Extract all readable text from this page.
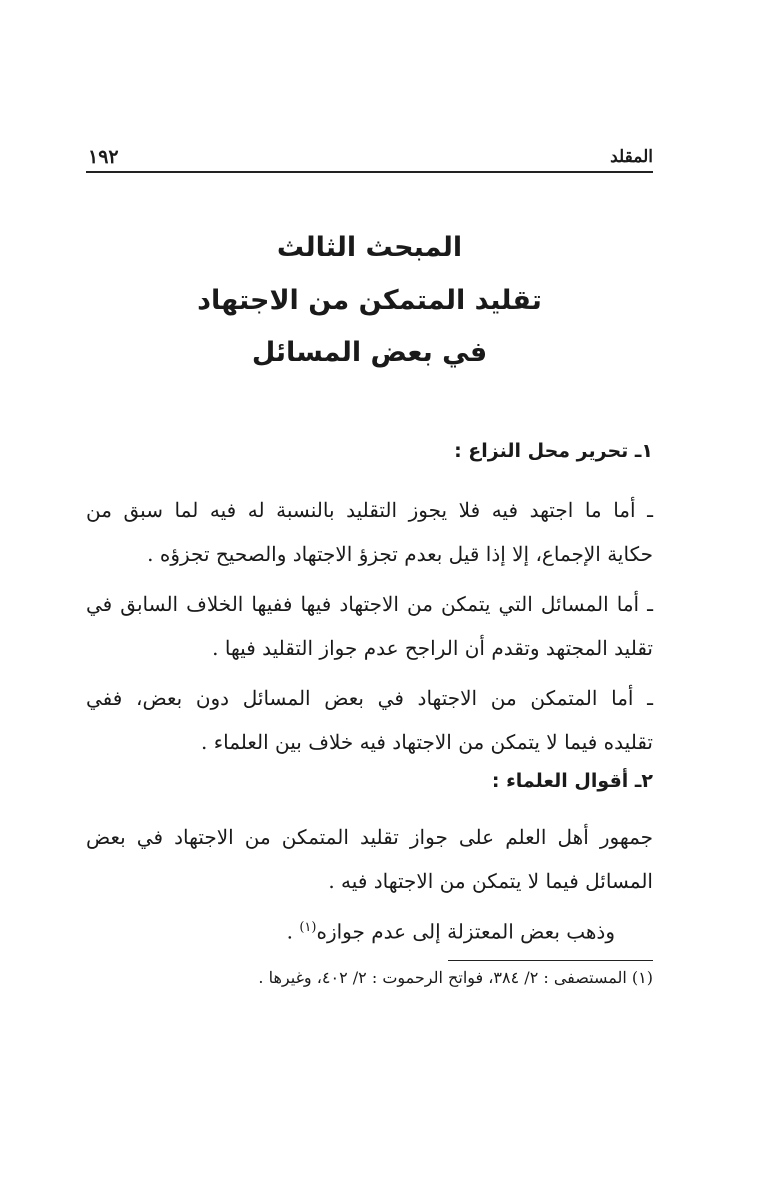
المقلد
١٩٢
المبحث الثالث
تقليد المتمكن من الاجتهاد
في بعض المسائل
١ـ تحرير محل النزاع :
ـ أما ما اجتهد فيه فلا يجوز التقليد بالنسبة له فيه لما سبق من
حكاية الإجماع، إلا إذا قيل بعدم تجزؤ الاجتهاد والصحيح تجزؤه .
ـ أما المسائل التي يتمكن من الاجتهاد فيها ففيها الخلاف السابق في
تقليد المجتهد وتقدم أن الراجح عدم جواز التقليد فيها .
ـ أما المتمكن من الاجتهاد في بعض المسائل دون بعض، ففي
تقليده فيما لا يتمكن من الاجتهاد فيه خلاف بين العلماء .
٢ـ أقوال العلماء :
جمهور أهل العلم على جواز تقليد المتمكن من الاجتهاد في بعض
المسائل فيما لا يتمكن من الاجتهاد فيه .
وذهب بعض المعتزلة إلى عدم جوازه$^{(١)}$ .
(١) المستصفى : ٢/ ٣٨٤، فواتح الرحموت : ٢/ ٤٠٢، وغيرها .
